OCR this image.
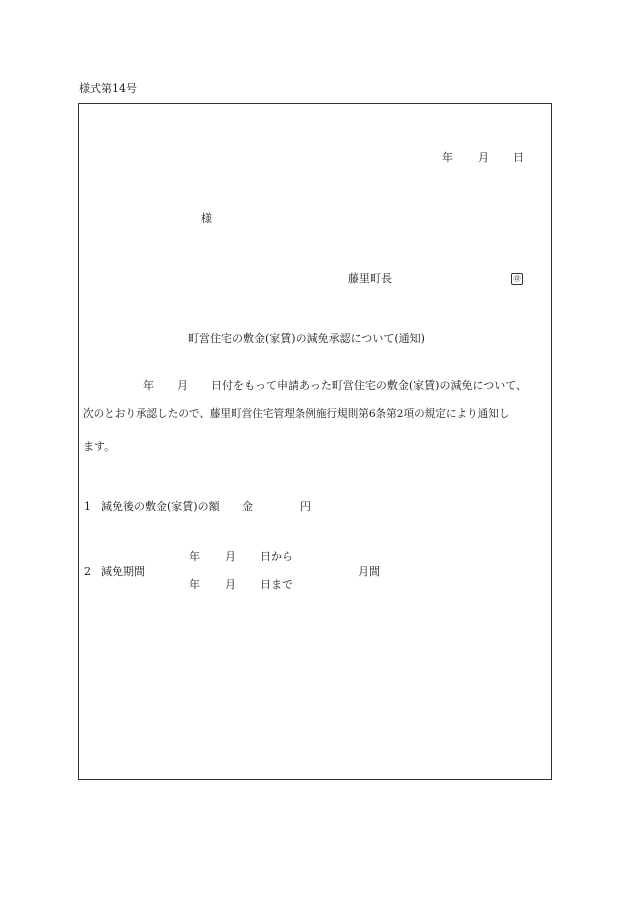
様式第14号
年 月 日
様
藤里町長	㊞
町営住宅の敷金(家賃)の減免承認について(通知)
年 月 日付をもって申請あった町営住宅の敷金(家賃)の減免について、
次のとおり承認したので、藤里町営住宅管理条例施行規則第6条第2項の規定により通知し
ます。
1 減免後の敷金(家賃)の額 金	円
2 減免期間
年 月 日から
年 月 日まで
月間
